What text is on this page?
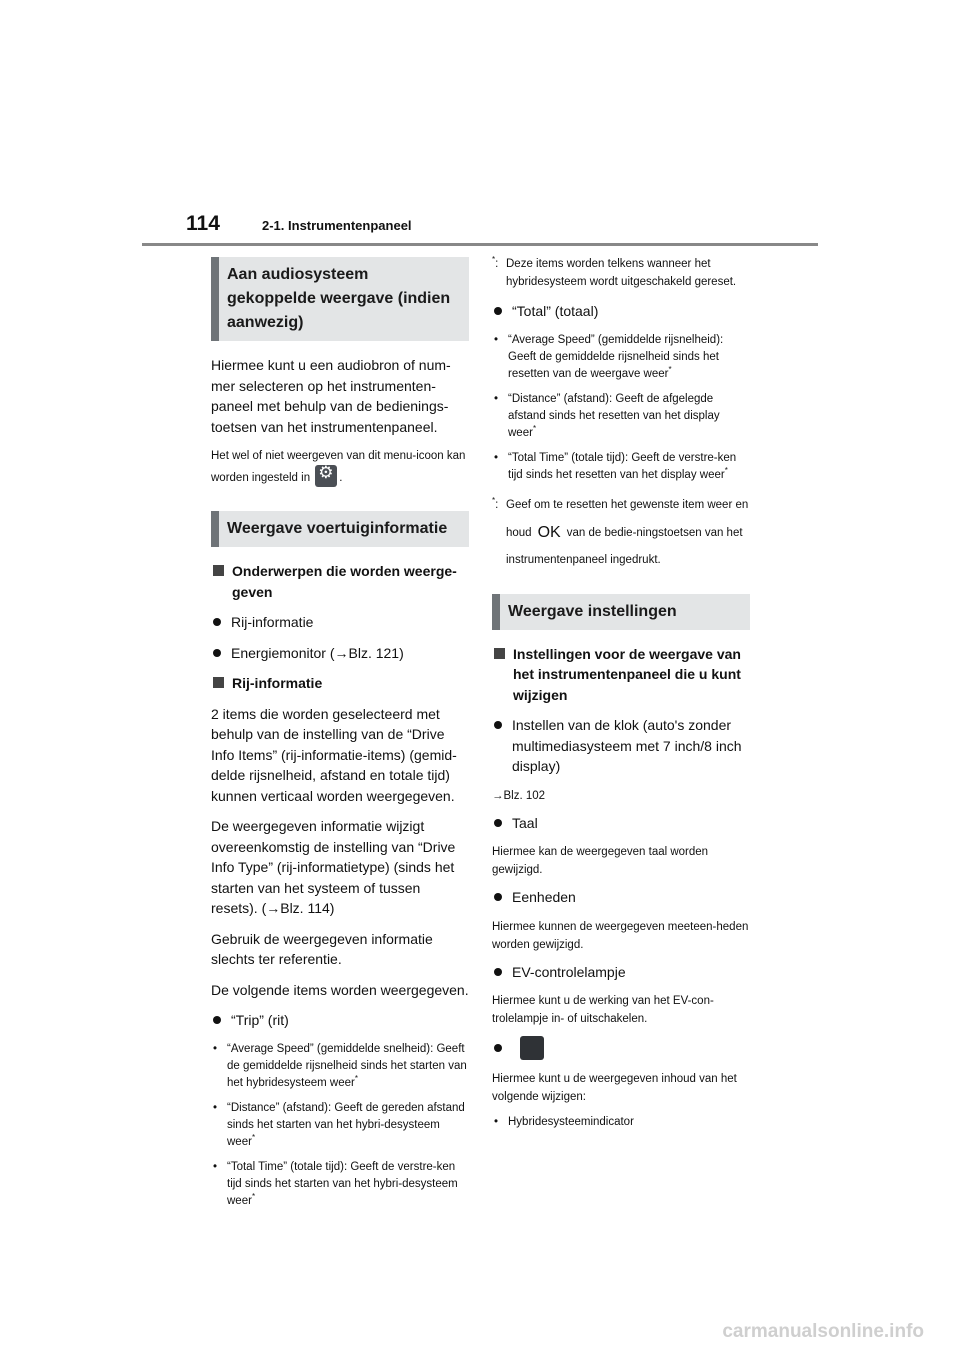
114	2-1. Instrumentenpaneel
Aan audiosysteem gekoppelde weergave (indien aanwezig)

Hiermee kunt u een audiobron of num-mer selecteren op het instrumenten-paneel met behulp van de bedienings-toetsen van het instrumentenpaneel.

Het wel of niet weergeven van dit menu-icoon kan worden ingesteld in ⚙	.

Weergave voertuiginformatie
Onderwerpen die worden weerge-geven
Rij-informatie
Energiemonitor (→Blz. 121)
Rij-informatie

2 items die worden geselecteerd met behulp van de instelling van de “Drive Info Items” (rij-informatie-items) (gemid-delde rijsnelheid, afstand en totale tijd) kunnen verticaal worden weergegeven.

De weergegeven informatie wijzigt overeenkomstig de instelling van “Drive Info Type” (rij-informatietype) (sinds het starten van het systeem of tussen resets). (→Blz. 114)

Gebruik de weergegeven informatie slechts ter referentie.

De volgende items worden weergegeven.

“Trip” (rit)
• “Average Speed” (gemiddelde snelheid): Geeft de gemiddelde rijsnelheid sinds het starten van het hybridesysteem weer*
• “Distance” (afstand): Geeft de gereden afstand sinds het starten van het hybri-desysteem weer*
• “Total Time” (totale tijd): Geeft de verstre-ken tijd sinds het starten van het hybri-desysteem weer*
*: Deze items worden telkens wanneer het hybridesysteem wordt uitgeschakeld gereset.
“Total” (totaal)
• “Average Speed” (gemiddelde rijsnelheid): Geeft de gemiddelde rijsnelheid sinds het resetten van de weergave weer*
• “Distance” (afstand): Geeft de afgelegde afstand sinds het resetten van het display weer*
• “Total Time” (totale tijd): Geeft de verstre-ken tijd sinds het resetten van het display weer*
*: Geef om te resetten het gewenste item weer en houd OK van de bedie-ningstoetsen van het instrumentenpaneel ingedrukt.
Weergave instellingen
Instellingen voor de weergave van het instrumentenpaneel die u kunt wijzigen
Instellen van de klok (auto's zonder multimediasysteem met 7 inch/8 inch display)

→Blz. 102

Taal

Hiermee kan de weergegeven taal worden gewijzigd.

Eenheden

Hiermee kunnen de weergegeven meeteen-heden worden gewijzigd.

EV-controlelampje

Hiermee kunt u de werking van het EV-con-trolelampje in- of uitschakelen.

Hiermee kunt u de weergegeven inhoud van het volgende wijzigen:

• Hybridesysteemindicator
carmanualsonline.info
